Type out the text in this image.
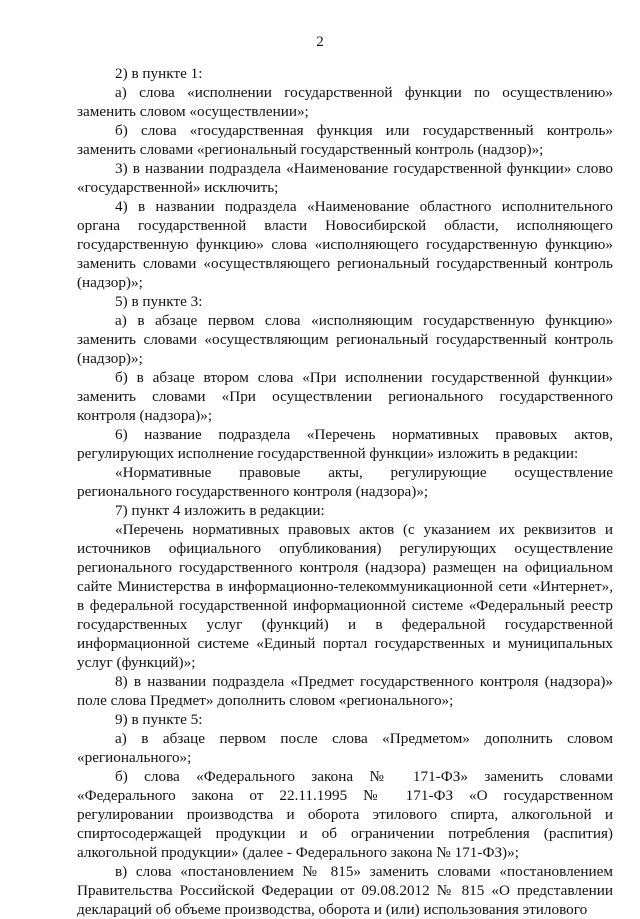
2

2) в пункте 1:

а) слова «исполнении государственной функции по осуществлению» заменить словом «осуществлении»;

б) слова «государственная функция или государственный контроль» заменить словами «региональный государственный контроль (надзор)»;

3) в названии подраздела «Наименование государственной функции» слово «государственной» исключить;

4) в названии подраздела «Наименование областного исполнительного органа государственной власти Новосибирской области, исполняющего государственную функцию» слова «исполняющего государственную функцию» заменить словами «осуществляющего региональный государственный контроль (надзор)»;

5) в пункте 3:

а) в абзаце первом слова «исполняющим государственную функцию» заменить словами «осуществляющим региональный государственный контроль (надзор)»;

б) в абзаце втором слова «При исполнении государственной функции» заменить словами «При осуществлении регионального государственного контроля (надзора)»;

6) название подраздела «Перечень нормативных правовых актов, регулирующих исполнение государственной функции» изложить в редакции:

«Нормативные правовые акты, регулирующие осуществление регионального государственного контроля (надзора)»;

7) пункт 4 изложить в редакции:

«Перечень нормативных правовых актов (с указанием их реквизитов и источников официального опубликования) регулирующих осуществление регионального государственного контроля (надзора) размещен на официальном сайте Министерства в информационно-телекоммуникационной сети «Интернет», в федеральной государственной информационной системе «Федеральный реестр государственных услуг (функций) и в федеральной государственной информационной системе «Единый портал государственных и муниципальных услуг (функций)»;

8) в названии подраздела «Предмет государственного контроля (надзора)» поле слова Предмет» дополнить словом «регионального»;

9) в пункте 5:

а) в абзаце первом после слова «Предметом» дополнить словом «регионального»;

б) слова «Федерального закона № 171-ФЗ» заменить словами «Федерального закона от 22.11.1995 № 171-ФЗ «О государственном регулировании производства и оборота этилового спирта, алкогольной и спиртосодержащей продукции и об ограничении потребления (распития) алкогольной продукции» (далее - Федерального закона № 171-ФЗ)»;

в) слова «постановлением № 815» заменить словами «постановлением Правительства Российской Федерации от 09.08.2012 № 815 «О представлении деклараций об объеме производства, оборота и (или) использования этилового
